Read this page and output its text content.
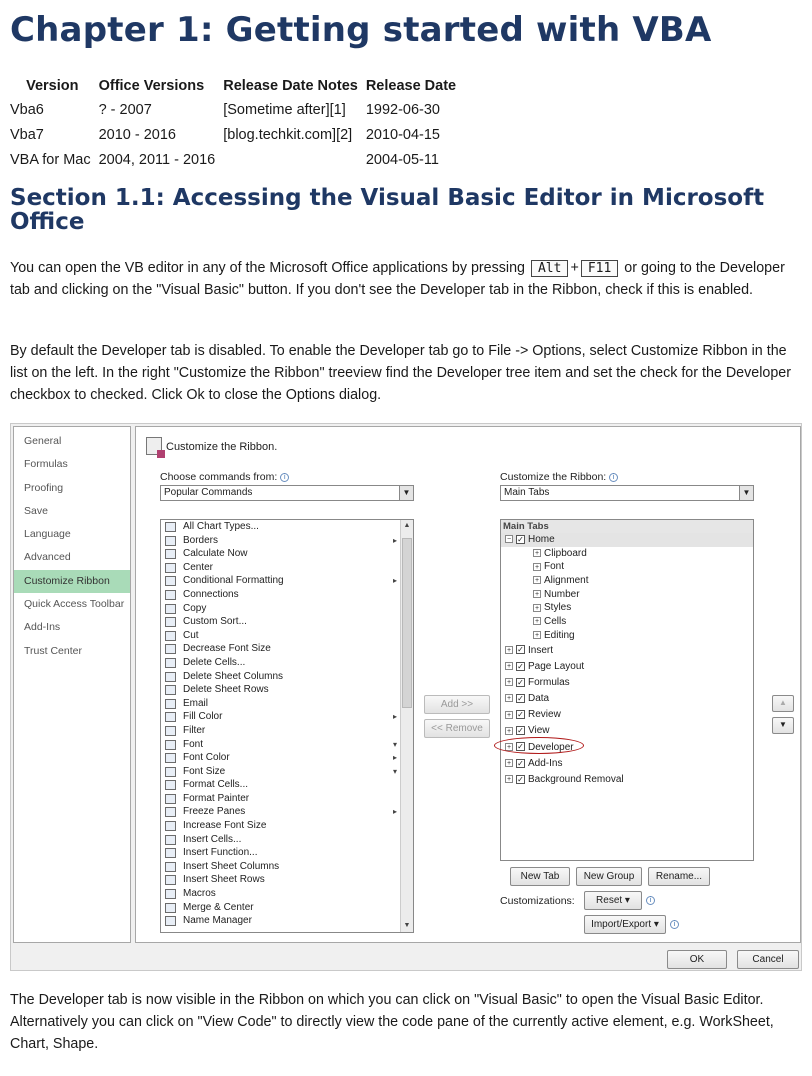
Chapter 1: Getting started with VBA
Version	Office Versions	Release Date Notes	Release Date
Vba6	? - 2007	[Sometime after][1]	1992-06-30
Vba7	2010 - 2016	[blog.techkit.com][2]	2010-04-15
VBA for Mac	2004, 2011 - 2016		2004-05-11
Section 1.1: Accessing the Visual Basic Editor in Microsoft Office

You can open the VB editor in any of the Microsoft Office applications by pressing Alt + F11 or going to the Developer tab and clicking on the "Visual Basic" button. If you don't see the Developer tab in the Ribbon, check if this is enabled.

By default the Developer tab is disabled. To enable the Developer tab go to File -> Options, select Customize Ribbon in the list on the left. In the right "Customize the Ribbon" treeview find the Developer tree item and set the check for the Developer checkbox to checked. Click Ok to close the Options dialog.

General
Formulas
Proofing
Save
Language
Advanced
Customize Ribbon
Quick Access Toolbar
Add-Ins
Trust Center
Customize the Ribbon.
Choose commands from: i
Popular Commands	▼
Customize the Ribbon: i
Main Tabs	▼
All Chart Types...
Borders	▸
Calculate Now
Center
Conditional Formatting	▸
Connections
Copy
Custom Sort...
Cut
Decrease Font Size
Delete Cells...
Delete Sheet Columns
Delete Sheet Rows
Email
Fill Color	▸
Filter
Font	▾
Font Color	▸
Font Size	▾
Format Cells...
Format Painter
Freeze Panes	▸
Increase Font Size
Insert Cells...
Insert Function...
Insert Sheet Columns
Insert Sheet Rows
Macros
Merge & Center
Name Manager
▲
▼
Add >>
<< Remove
Main Tabs
− ✓ Home
+ Clipboard
+ Font
+ Alignment
+ Number
+ Styles
+ Cells
+ Editing
+ ✓ Insert
+ ✓ Page Layout
+ ✓ Formulas
+ ✓ Data
+ ✓ Review
+ ✓ View
+ ✓ Developer
+ ✓ Add-Ins
+ ✓ Background Removal
▲
▼
New Tab	New Group	Rename...
Customizations:	Reset ▾	i
Import/Export ▾	i
OK	Cancel

The Developer tab is now visible in the Ribbon on which you can click on "Visual Basic" to open the Visual Basic Editor. Alternatively you can click on "View Code" to directly view the code pane of the currently active element, e.g. WorkSheet, Chart, Shape.
